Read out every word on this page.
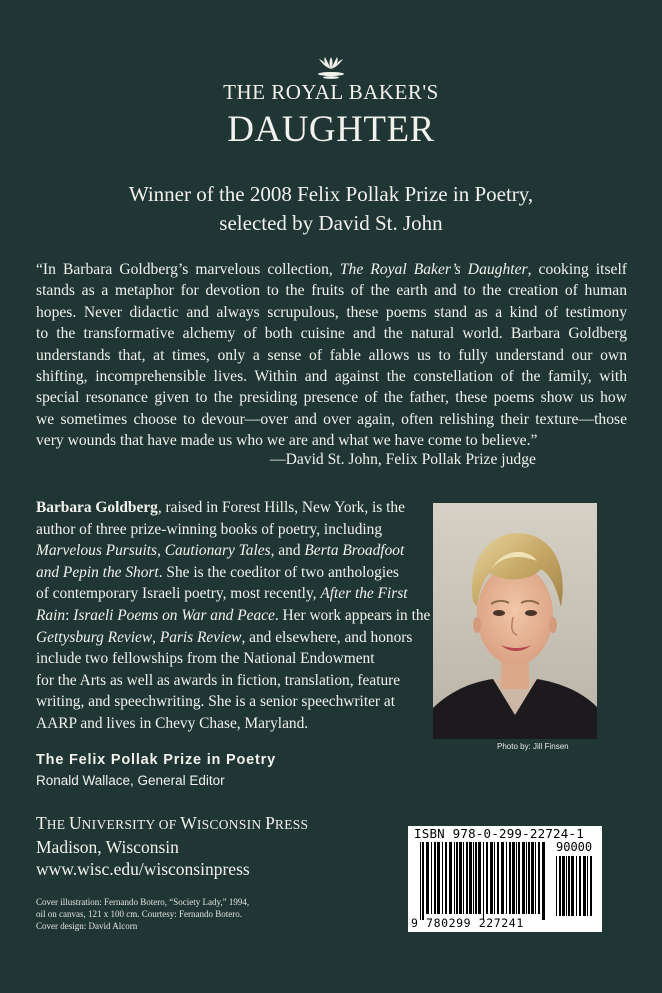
THE ROYAL BAKER'S
DAUGHTER
Winner of the 2008 Felix Pollak Prize in Poetry,
selected by David St. John
“In Barbara Goldberg’s marvelous collection, The Royal Baker’s Daughter, cooking itself
stands as a metaphor for devotion to the fruits of the earth and to the creation of human
hopes. Never didactic and always scrupulous, these poems stand as a kind of testimony
to the transformative alchemy of both cuisine and the natural world. Barbara Goldberg
understands that, at times, only a sense of fable allows us to fully understand our own
shifting, incomprehensible lives. Within and against the constellation of the family, with
special resonance given to the presiding presence of the father, these poems show us how
we sometimes choose to devour—over and over again, often relishing their texture—those
very wounds that have made us who we are and what we have come to believe.”
—David St. John, Felix Pollak Prize judge
Barbara Goldberg, raised in Forest Hills, New York, is the
author of three prize-winning books of poetry, including
Marvelous Pursuits, Cautionary Tales, and Berta Broadfoot
and Pepin the Short. She is the coeditor of two anthologies
of contemporary Israeli poetry, most recently, After the First
Rain: Israeli Poems on War and Peace. Her work appears in the
Gettysburg Review, Paris Review, and elsewhere, and honors
include two fellowships from the National Endowment
for the Arts as well as awards in fiction, translation, feature
writing, and speechwriting. She is a senior speechwriter at
AARP and lives in Chevy Chase, Maryland.
Photo by: Jill Finsen
The Felix Pollak Prize in Poetry
Ronald Wallace, General Editor
THE UNIVERSITY OF WISCONSIN PRESS
Madison, Wisconsin
www.wisc.edu/wisconsinpress
Cover illustration: Fernando Botero, “Society Lady,” 1994,
oil on canvas, 121 x 100 cm. Courtesy: Fernando Botero.
Cover design: David Alcorn
ISBN 978-0-299-22724-1
90000
9 780299 227241
